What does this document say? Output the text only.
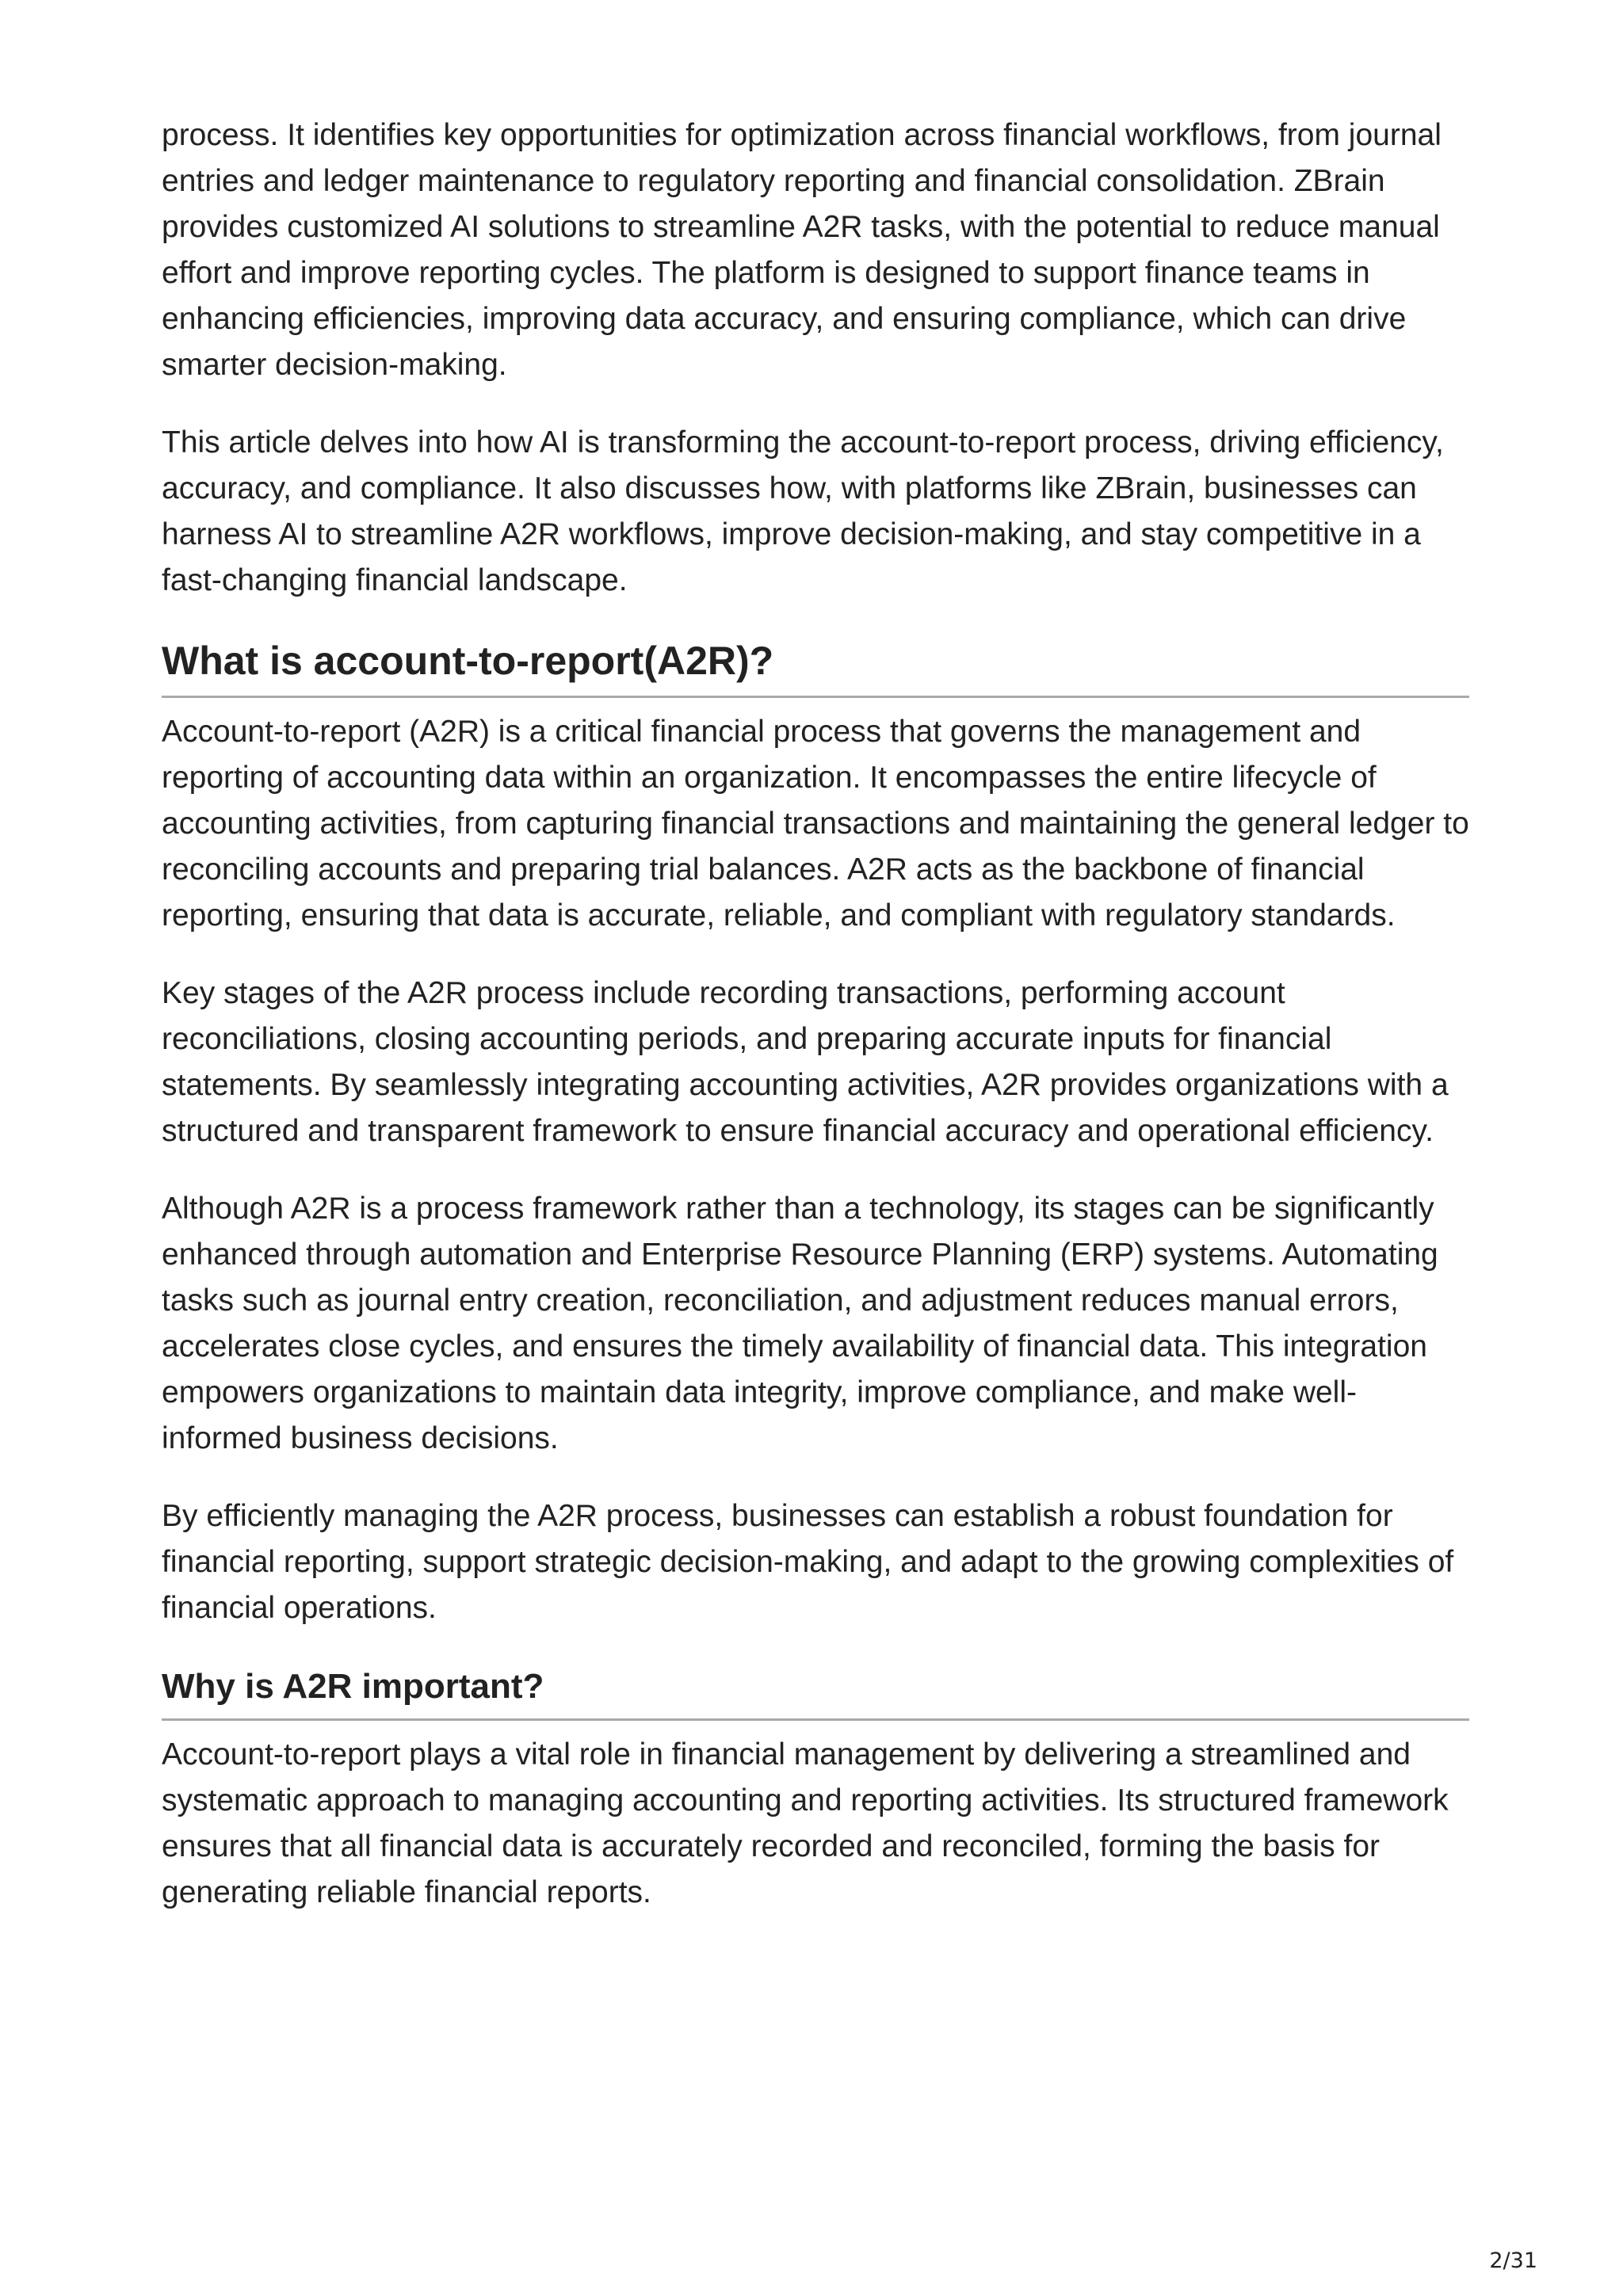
process. It identifies key opportunities for optimization across financial workflows, from journal entries and ledger maintenance to regulatory reporting and financial consolidation. ZBrain provides customized AI solutions to streamline A2R tasks, with the potential to reduce manual effort and improve reporting cycles. The platform is designed to support finance teams in enhancing efficiencies, improving data accuracy, and ensuring compliance, which can drive smarter decision-making.

This article delves into how AI is transforming the account-to-report process, driving efficiency, accuracy, and compliance. It also discusses how, with platforms like ZBrain, businesses can harness AI to streamline A2R workflows, improve decision-making, and stay competitive in a fast-changing financial landscape.

What is account-to-report(A2R)?

Account-to-report (A2R) is a critical financial process that governs the management and reporting of accounting data within an organization. It encompasses the entire lifecycle of accounting activities, from capturing financial transactions and maintaining the general ledger to reconciling accounts and preparing trial balances. A2R acts as the backbone of financial reporting, ensuring that data is accurate, reliable, and compliant with regulatory standards.

Key stages of the A2R process include recording transactions, performing account reconciliations, closing accounting periods, and preparing accurate inputs for financial statements. By seamlessly integrating accounting activities, A2R provides organizations with a structured and transparent framework to ensure financial accuracy and operational efficiency.

Although A2R is a process framework rather than a technology, its stages can be significantly enhanced through automation and Enterprise Resource Planning (ERP) systems. Automating tasks such as journal entry creation, reconciliation, and adjustment reduces manual errors, accelerates close cycles, and ensures the timely availability of financial data. This integration empowers organizations to maintain data integrity, improve compliance, and make well-informed business decisions.

By efficiently managing the A2R process, businesses can establish a robust foundation for financial reporting, support strategic decision-making, and adapt to the growing complexities of financial operations.

Why is A2R important?

Account-to-report plays a vital role in financial management by delivering a streamlined and systematic approach to managing accounting and reporting activities. Its structured framework ensures that all financial data is accurately recorded and reconciled, forming the basis for generating reliable financial reports.

2/31
